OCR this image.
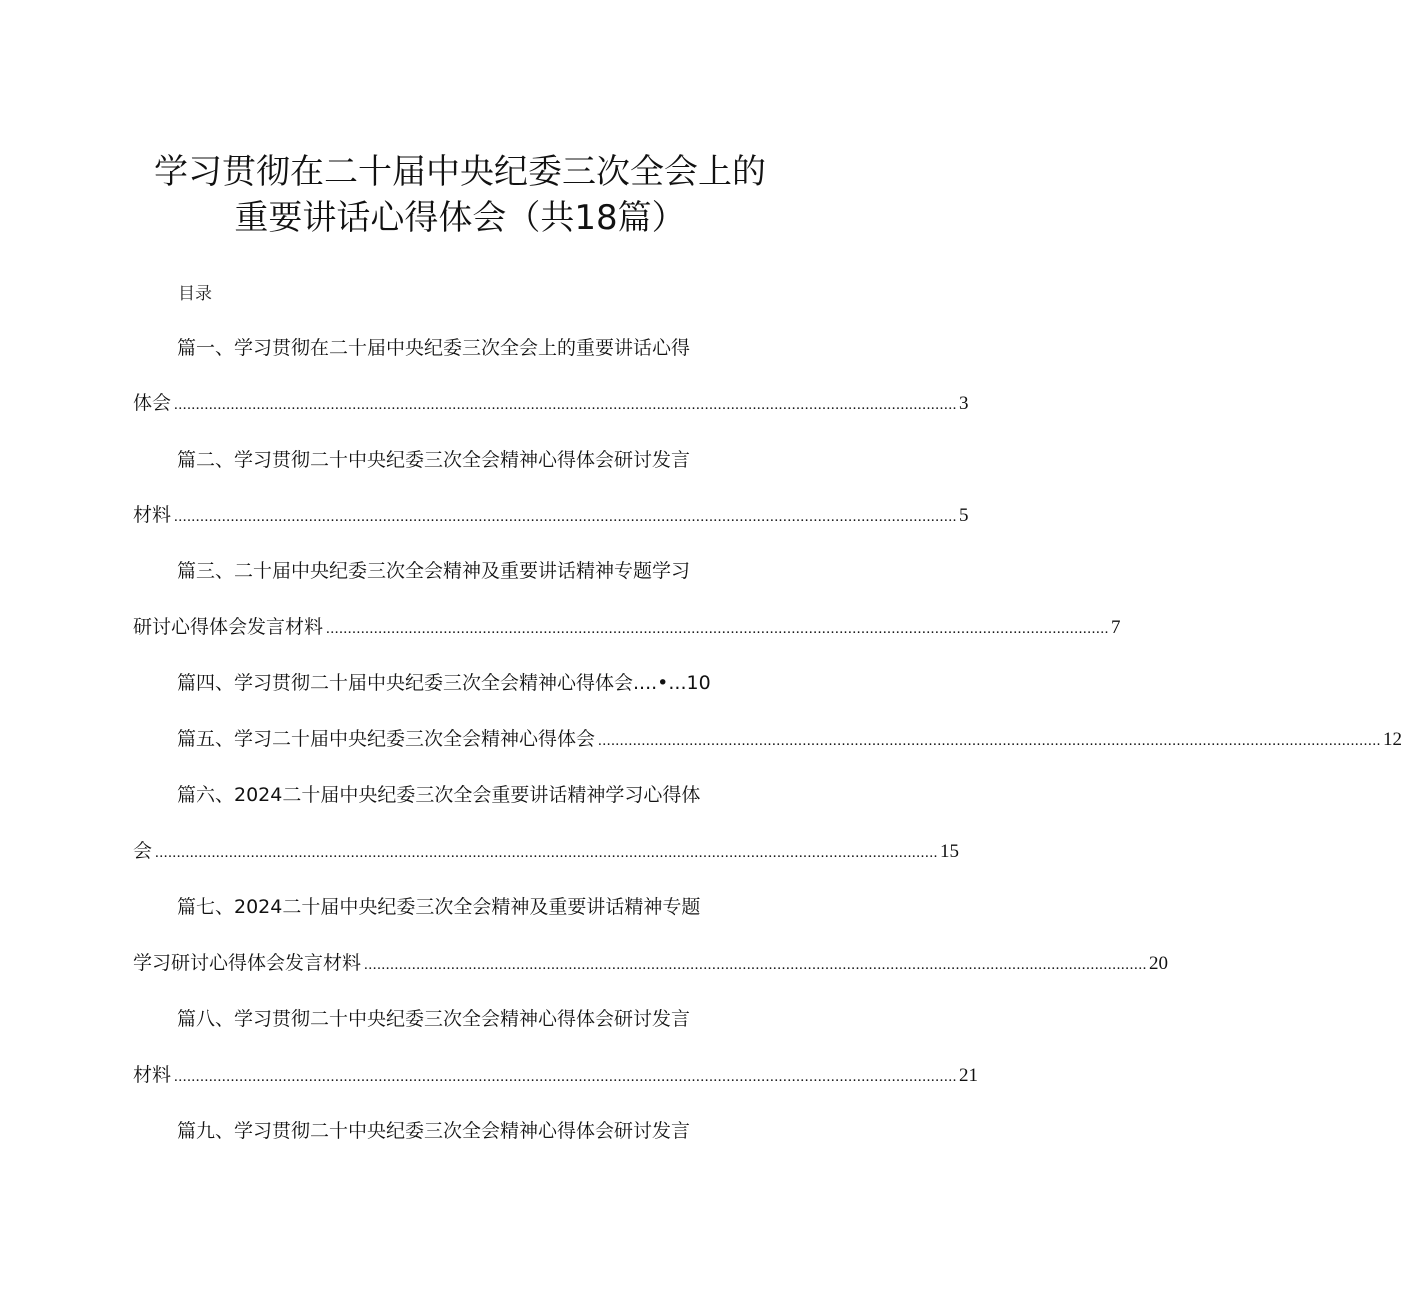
学习贯彻在二十届中央纪委三次全会上的
重要讲话心得体会（共18篇）
目录
篇一、学习贯彻在二十届中央纪委三次全会上的重要讲话心得
体会 .................................................................................................................................................................................... 3
篇二、学习贯彻二十中央纪委三次全会精神心得体会研讨发言
材料 .................................................................................................................................................................................... 5
篇三、二十届中央纪委三次全会精神及重要讲话精神专题学习
研讨心得体会发言材料 .................................................................................................................................................................................... 7
篇四、学习贯彻二十届中央纪委三次全会精神心得体会....•...10
篇五、学习二十届中央纪委三次全会精神心得体会 .................................................................................................................................................................................... 12
篇六、2024二十届中央纪委三次全会重要讲话精神学习心得体
会 .................................................................................................................................................................................... 15
篇七、2024二十届中央纪委三次全会精神及重要讲话精神专题
学习研讨心得体会发言材料 .................................................................................................................................................................................... 20
篇八、学习贯彻二十中央纪委三次全会精神心得体会研讨发言
材料 .................................................................................................................................................................................... 21
篇九、学习贯彻二十中央纪委三次全会精神心得体会研讨发言
